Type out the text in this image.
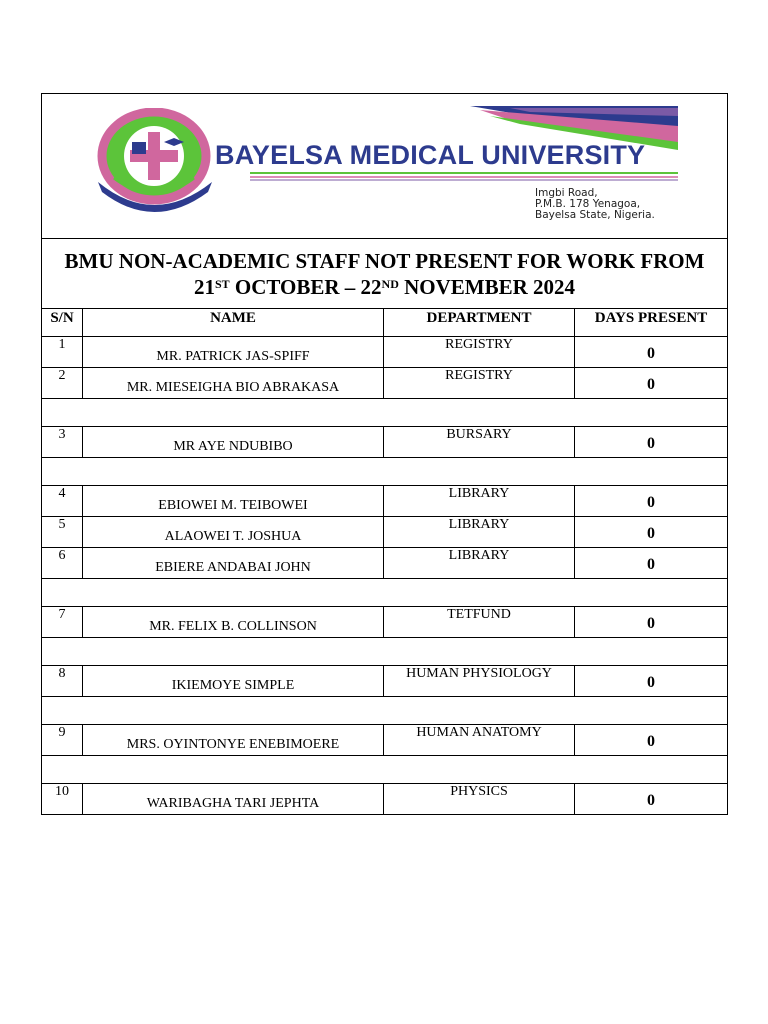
BAYELSA MEDICAL UNIVERSITY
Imgbi Road,
P.M.B. 178 Yenagoa,
Bayelsa State, Nigeria.			

BMU NON-ACADEMIC STAFF NOT PRESENT FOR WORK FROM
21ST OCTOBER – 22ND NOVEMBER 2024			

S/N	NAME	DEPARTMENT	DAYS PRESENT
1	MR. PATRICK JAS-SPIFF	REGISTRY	0
2	MR. MIESEIGHA BIO ABRAKASA	REGISTRY	0

3	MR AYE NDUBIBO	BURSARY	0

4	EBIOWEI M. TEIBOWEI	LIBRARY	0
5	ALAOWEI T. JOSHUA	LIBRARY	0
6	EBIERE ANDABAI JOHN	LIBRARY	0

7	MR. FELIX B. COLLINSON	TETFUND	0

8	IKIEMOYE SIMPLE	HUMAN PHYSIOLOGY	0

9	MRS. OYINTONYE ENEBIMOERE	HUMAN ANATOMY	0

10	WARIBAGHA TARI JEPHTA	PHYSICS	0
